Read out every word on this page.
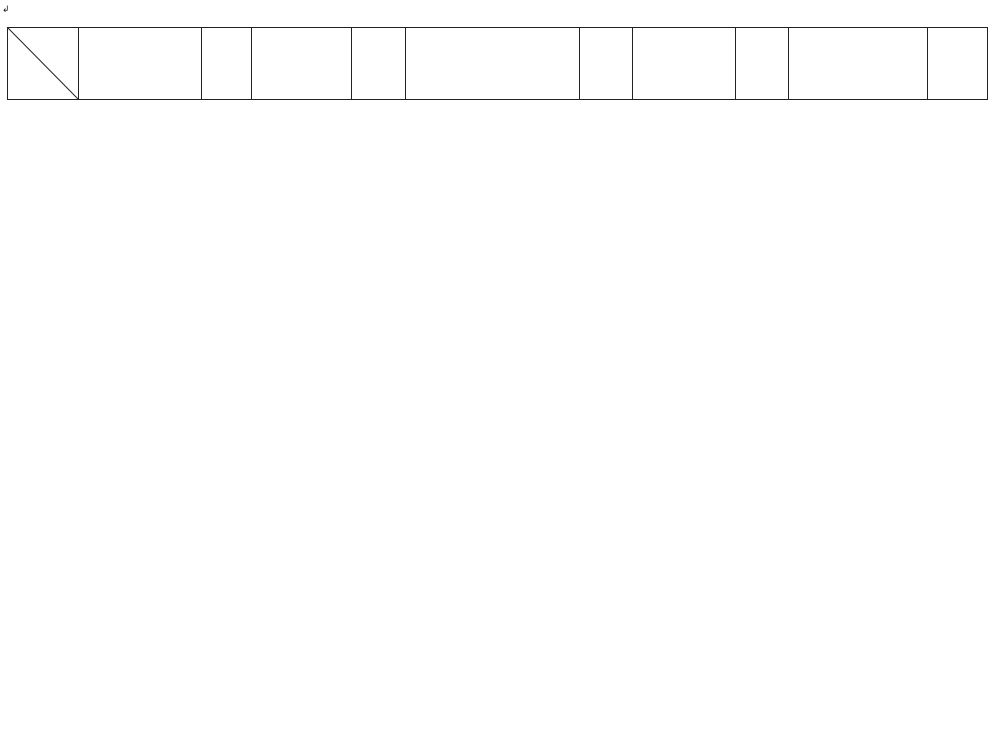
↲
